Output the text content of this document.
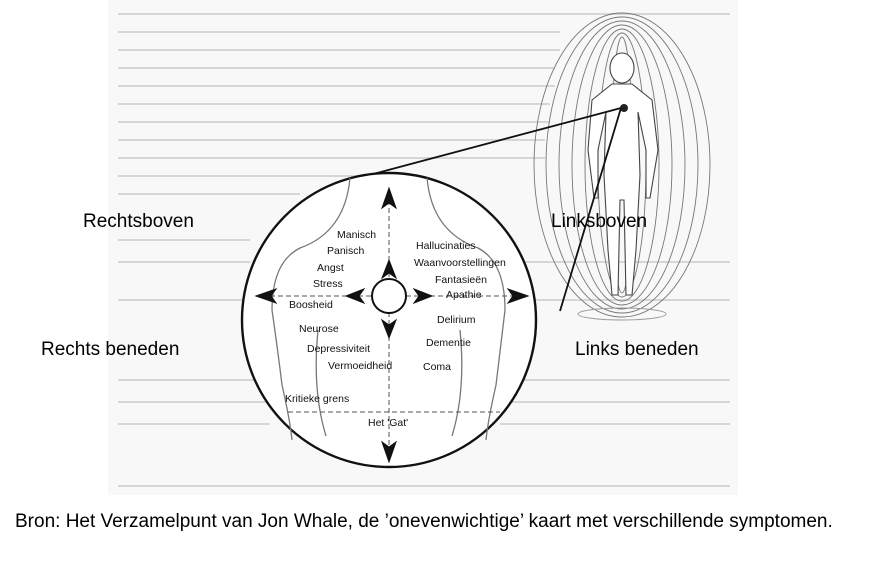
Manisch
Panisch
Angst
Stress
Boosheid
Neurose
Depressiviteit
Vermoeidheid
Hallucinaties
Waanvoorstellingen
Fantasieën
Apathie
Delirium
Dementie
Coma
Kritieke grens
Het 'Gat'
Rechtsboven	Linksboven
Rechts beneden	Links beneden
Bron: Het Verzamelpunt van Jon Whale, de ’onevenwichtige’ kaart met verschillende symptomen.
